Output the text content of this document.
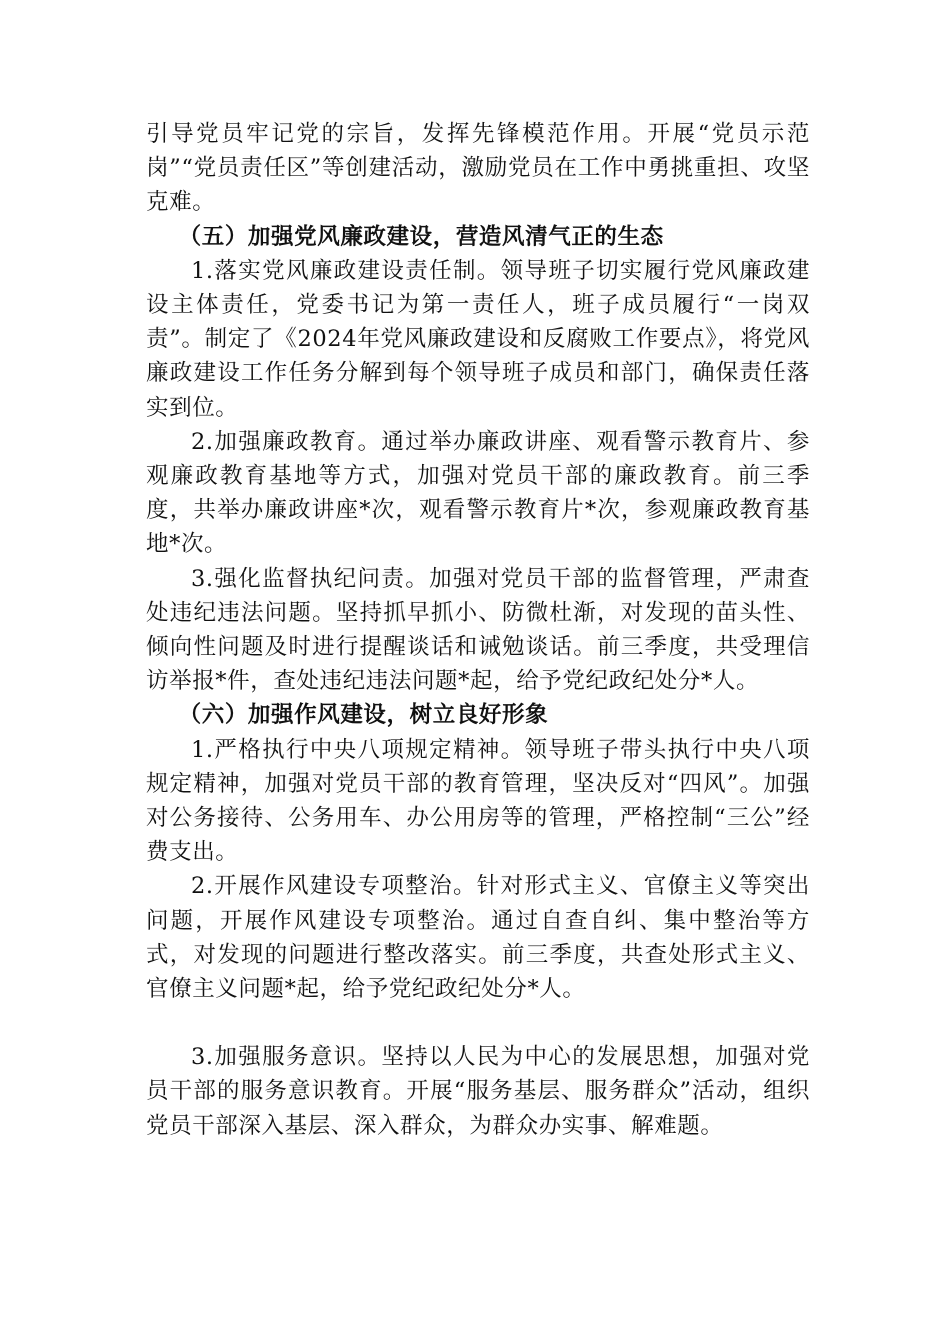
引导党员牢记党的宗旨，发挥先锋模范作用。开展“党员示范岗”“党员责任区”等创建活动，激励党员在工作中勇挑重担、攻坚克难。

（五）加强党风廉政建设，营造风清气正的生态

1.落实党风廉政建设责任制。领导班子切实履行党风廉政建设主体责任，党委书记为第一责任人，班子成员履行“一岗双责”。制定了《2024年党风廉政建设和反腐败工作要点》，将党风廉政建设工作任务分解到每个领导班子成员和部门，确保责任落实到位。

2.加强廉政教育。通过举办廉政讲座、观看警示教育片、参观廉政教育基地等方式，加强对党员干部的廉政教育。前三季度，共举办廉政讲座*次，观看警示教育片*次，参观廉政教育基地*次。

3.强化监督执纪问责。加强对党员干部的监督管理，严肃查处违纪违法问题。坚持抓早抓小、防微杜渐，对发现的苗头性、倾向性问题及时进行提醒谈话和诫勉谈话。前三季度，共受理信访举报*件，查处违纪违法问题*起，给予党纪政纪处分*人。

（六）加强作风建设，树立良好形象

1.严格执行中央八项规定精神。领导班子带头执行中央八项规定精神，加强对党员干部的教育管理，坚决反对“四风”。加强对公务接待、公务用车、办公用房等的管理，严格控制“三公”经费支出。

2.开展作风建设专项整治。针对形式主义、官僚主义等突出问题，开展作风建设专项整治。通过自查自纠、集中整治等方式，对发现的问题进行整改落实。前三季度，共查处形式主义、官僚主义问题*起，给予党纪政纪处分*人。

3.加强服务意识。坚持以人民为中心的发展思想，加强对党员干部的服务意识教育。开展“服务基层、服务群众”活动，组织党员干部深入基层、深入群众，为群众办实事、解难题。
